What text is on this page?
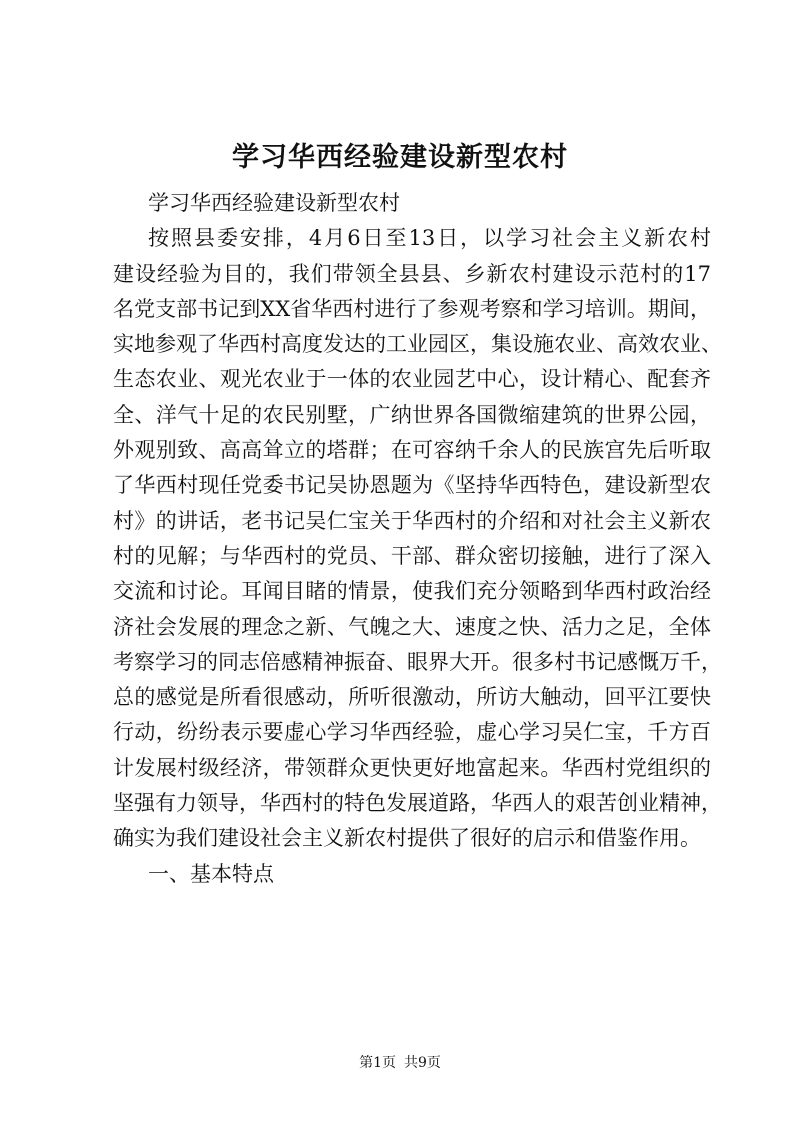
学习华西经验建设新型农村

学习华西经验建设新型农村

按照县委安排，4月6日至13日，以学习社会主义新农村
建设经验为目的，我们带领全县县、乡新农村建设示范村的17
名党支部书记到XX省华西村进行了参观考察和学习培训。期间，
实地参观了华西村高度发达的工业园区，集设施农业、高效农业、
生态农业、观光农业于一体的农业园艺中心，设计精心、配套齐
全、洋气十足的农民别墅，广纳世界各国微缩建筑的世界公园，
外观别致、高高耸立的塔群；在可容纳千余人的民族宫先后听取
了华西村现任党委书记吴协恩题为《坚持华西特色，建设新型农
村》的讲话，老书记吴仁宝关于华西村的介绍和对社会主义新农
村的见解；与华西村的党员、干部、群众密切接触，进行了深入
交流和讨论。耳闻目睹的情景，使我们充分领略到华西村政治经
济社会发展的理念之新、气魄之大、速度之快、活力之足，全体
考察学习的同志倍感精神振奋、眼界大开。很多村书记感慨万千，
总的感觉是所看很感动，所听很激动，所访大触动，回平江要快
行动，纷纷表示要虚心学习华西经验，虚心学习吴仁宝，千方百
计发展村级经济，带领群众更快更好地富起来。华西村党组织的
坚强有力领导，华西村的特色发展道路，华西人的艰苦创业精神，
确实为我们建设社会主义新农村提供了很好的启示和借鉴作用。

一、基本特点

第1页 共9页
